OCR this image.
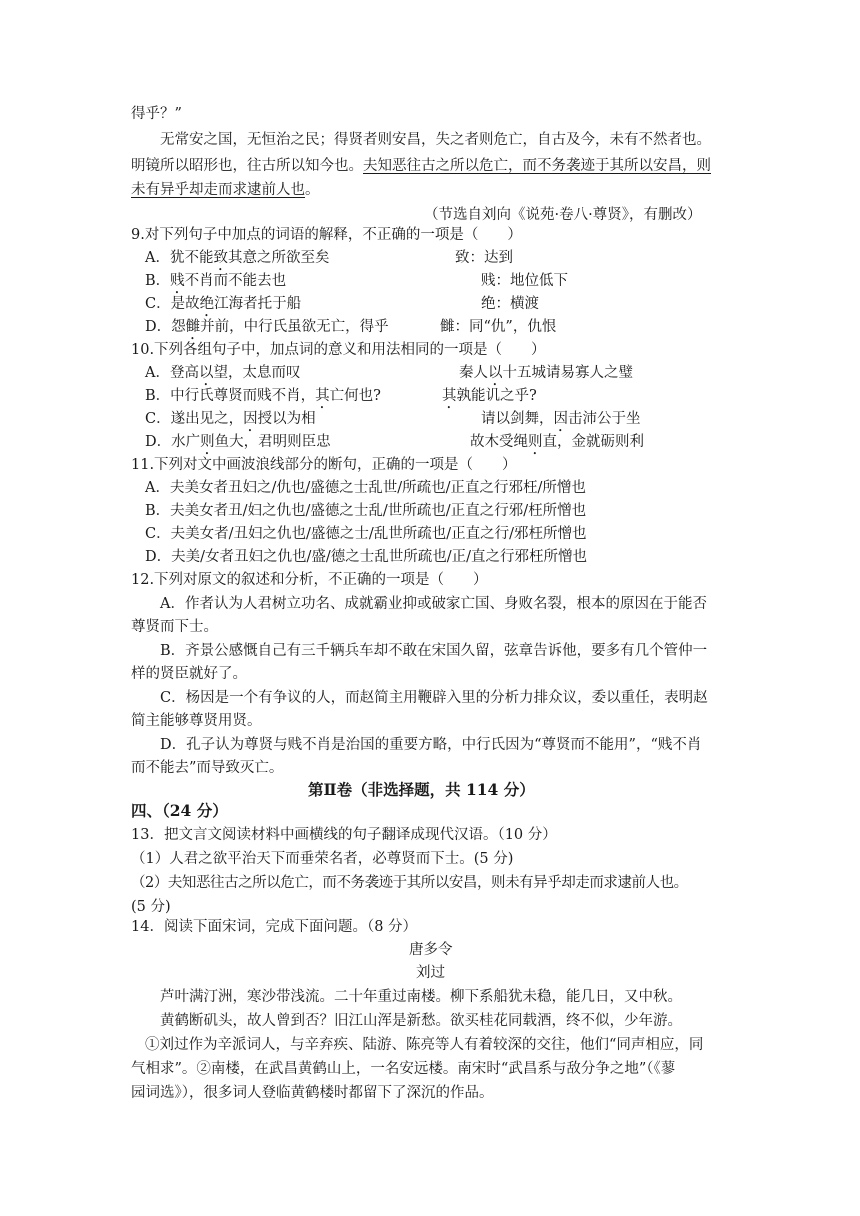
得乎？”
无常安之国，无恒治之民；得贤者则安昌，失之者则危亡，自古及今，未有不然者也。
明镜所以昭形也，往古所以知今也。夫知恶往古之所以危亡，而不务袭迹于其所以安昌，则
未有异乎却走而求逮前人也。
（节选自刘向《说苑·卷八·尊贤》，有删改）
9.对下列句子中加点的词语的解释，不正确的一项是（　　）
A．犹不能致其意之所欲至矣	致：达到
B．贱不肖而不能去也	贱：地位低下
C．是故绝江海者托于船	绝：横渡
D．怨雠并前，中行氏虽欲无亡，得乎	雠：同“仇”，仇恨
10.下列各组句子中，加点词的意义和用法相同的一项是（　　）
A．登高以望，太息而叹	秦人以十五城请易寡人之璧
B．中行氏尊贤而贱不肖，其亡何也?	其孰能讥之乎?
C．遂出见之，因授以为相	请以剑舞，因击沛公于坐
D．水广则鱼大，君明则臣忠	故木受绳则直，金就砺则利
11.下列对文中画波浪线部分的断句，正确的一项是（　　）
A．夫美女者丑妇之/仇也/盛德之士乱世/所疏也/正直之行邪枉/所憎也
B．夫美女者丑/妇之仇也/盛德之士乱/世所疏也/正直之行邪/枉所憎也
C．夫美女者/丑妇之仇也/盛德之士/乱世所疏也/正直之行/邪枉所憎也
D．夫美/女者丑妇之仇也/盛/德之士乱世所疏也/正/直之行邪枉所憎也
12.下列对原文的叙述和分析，不正确的一项是（　　）
A．作者认为人君树立功名、成就霸业抑或破家亡国、身败名裂，根本的原因在于能否
尊贤而下士。
B．齐景公感慨自己有三千辆兵车却不敢在宋国久留，弦章告诉他，要多有几个管仲一
样的贤臣就好了。
C．杨因是一个有争议的人，而赵简主用鞭辟入里的分析力排众议，委以重任，表明赵
简主能够尊贤用贤。
D．孔子认为尊贤与贱不肖是治国的重要方略，中行氏因为“尊贤而不能用”，“贱不肖
而不能去”而导致灭亡。
第Ⅱ卷（非选择题，共 114 分）
四、（24 分）
13．把文言文阅读材料中画横线的句子翻译成现代汉语。（10 分）
（1）人君之欲平治天下而垂荣名者，必尊贤而下士。(5 分)
（2）夫知恶往古之所以危亡，而不务袭迹于其所以安昌，则未有异乎却走而求逮前人也。
(5 分)
14．阅读下面宋词，完成下面问题。（8 分）
唐多令
刘过
芦叶满汀洲，寒沙带浅流。二十年重过南楼。柳下系船犹未稳，能几日，又中秋。
黄鹤断矶头，故人曾到否？旧江山浑是新愁。欲买桂花同载酒，终不似，少年游。
①刘过作为辛派词人，与辛弃疾、陆游、陈亮等人有着较深的交往，他们“同声相应，同
气相求”。②南楼，在武昌黄鹤山上，一名安远楼。南宋时“武昌系与敌分争之地”（《蓼
园词选》），很多词人登临黄鹤楼时都留下了深沉的作品。
